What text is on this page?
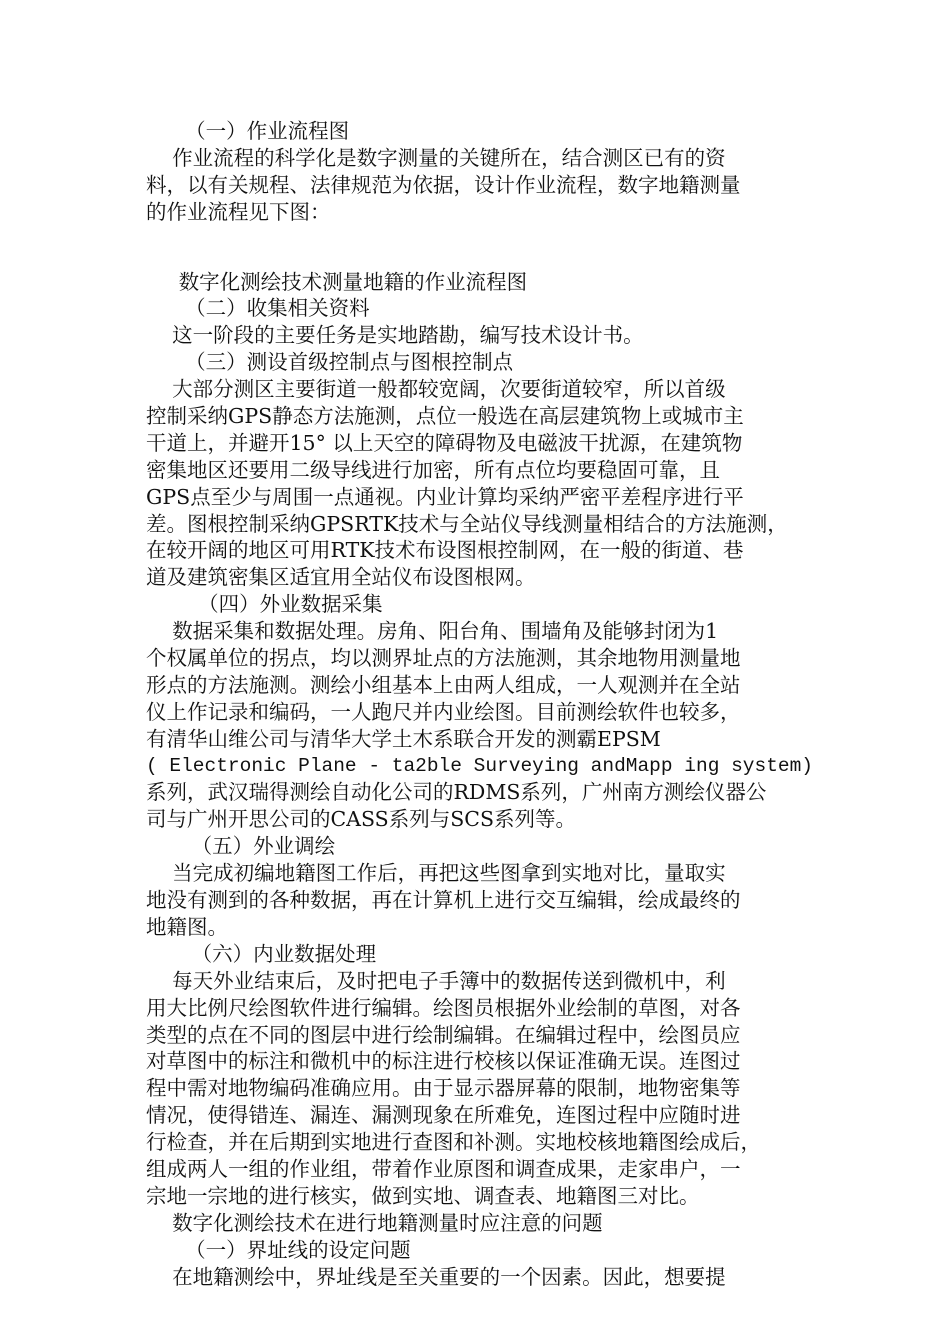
（一）作业流程图
作业流程的科学化是数字测量的关键所在，结合测区已有的资
料，以有关规程、法律规范为依据，设计作业流程，数字地籍测量
的作业流程见下图：
数字化测绘技术测量地籍的作业流程图
（二）收集相关资料
这一阶段的主要任务是实地踏勘，编写技术设计书。
（三）测设首级控制点与图根控制点
大部分测区主要街道一般都较宽阔，次要街道较窄，所以首级
控制采纳GPS静态方法施测，点位一般选在高层建筑物上或城市主
干道上，并避开15° 以上天空的障碍物及电磁波干扰源，在建筑物
密集地区还要用二级导线进行加密，所有点位均要稳固可靠，且
GPS点至少与周围一点通视。内业计算均采纳严密平差程序进行平
差。图根控制采纳GPSRTK技术与全站仪导线测量相结合的方法施测，
在较开阔的地区可用RTK技术布设图根控制网，在一般的街道、巷
道及建筑密集区适宜用全站仪布设图根网。
（四）外业数据采集
数据采集和数据处理。房角、阳台角、围墙角及能够封闭为1
个权属单位的拐点，均以测界址点的方法施测，其余地物用测量地
形点的方法施测。测绘小组基本上由两人组成，一人观测并在全站
仪上作记录和编码，一人跑尺并内业绘图。目前测绘软件也较多，
有清华山维公司与清华大学土木系联合开发的测霸EPSM
( Electronic Plane - ta2ble Surveying andMapp ing system)
系列，武汉瑞得测绘自动化公司的RDMS系列，广州南方测绘仪器公
司与广州开思公司的CASS系列与SCS系列等。
（五）外业调绘
当完成初编地籍图工作后，再把这些图拿到实地对比，量取实
地没有测到的各种数据，再在计算机上进行交互编辑，绘成最终的
地籍图。
（六）内业数据处理
每天外业结束后，及时把电子手簿中的数据传送到微机中，利
用大比例尺绘图软件进行编辑。绘图员根据外业绘制的草图，对各
类型的点在不同的图层中进行绘制编辑。在编辑过程中，绘图员应
对草图中的标注和微机中的标注进行校核以保证准确无误。连图过
程中需对地物编码准确应用。由于显示器屏幕的限制，地物密集等
情况，使得错连、漏连、漏测现象在所难免，连图过程中应随时进
行检查，并在后期到实地进行查图和补测。实地校核地籍图绘成后，
组成两人一组的作业组，带着作业原图和调查成果，走家串户，一
宗地一宗地的进行核实，做到实地、调查表、地籍图三对比。
数字化测绘技术在进行地籍测量时应注意的问题
（一）界址线的设定问题
在地籍测绘中，界址线是至关重要的一个因素。因此，想要提
